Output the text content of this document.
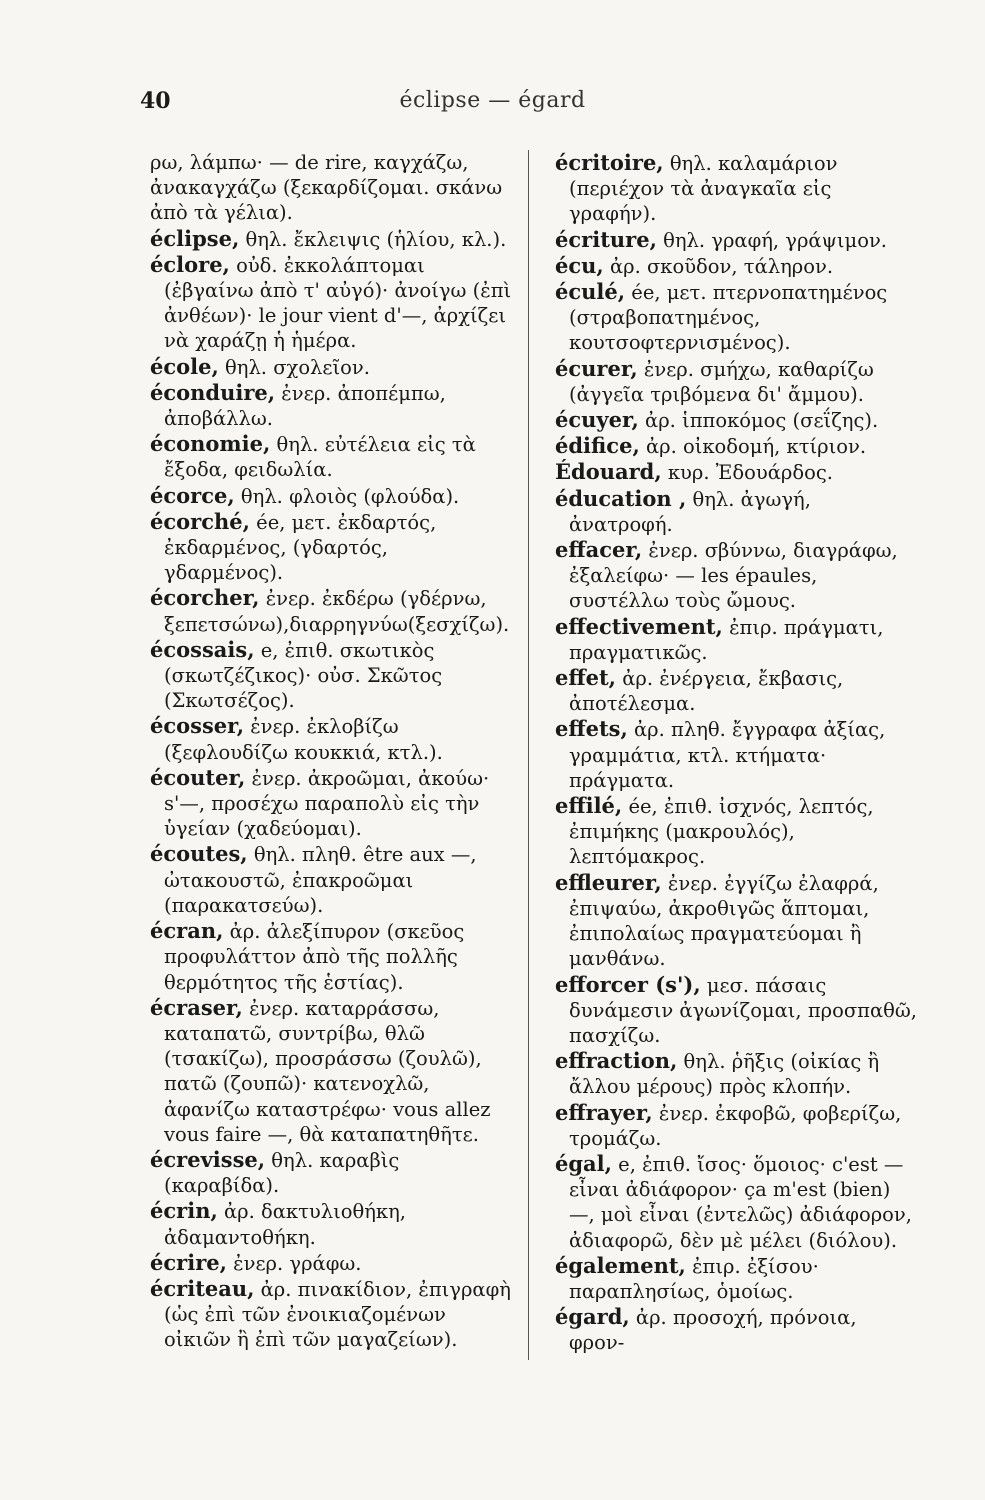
40	éclipse — égard

ρω, λάμπω· — de rire, καγχάζω, ἀνακαγχάζω (ξεκαρδίζομαι. σκάνω ἀπὸ τὰ γέλια).

éclipse, θηλ. ἔκλειψις (ἡλίου, κλ.).

éclore, οὐδ. ἐκκολάπτομαι (ἐβγαίνω ἀπὸ τ' αὐγό)· ἀνοίγω (ἐπὶ ἀνθέων)· le jour vient d'—, ἀρχίζει νὰ χαράζῃ ἡ ἡμέρα.

école, θηλ. σχολεῖον.

éconduire, ἐνερ. ἀποπέμπω, ἀποβάλλω.

économie, θηλ. εὐτέλεια εἰς τὰ ἔξοδα, φειδωλία.

écorce, θηλ. φλοιὸς (φλούδα).

écorché, ée, μετ. ἐκδαρτός, ἐκδαρμένος, (γδαρτός, γδαρμένος).

écorcher, ἐνερ. ἐκδέρω (γδέρνω, ξεπετσώνω),διαρρηγνύω(ξεσχίζω).

écossais, e, ἐπιθ. σκωτικὸς (σκωτζέζικος)· οὐσ. Σκῶτος (Σκωτσέζος).

écosser, ἐνερ. ἐκλοβίζω (ξεφλουδίζω κουκκιά, κτλ.).

écouter, ἐνερ. ἀκροῶμαι, ἀκούω· s'—, προσέχω παραπολὺ εἰς τὴν ὑγείαν (χαδεύομαι).

écoutes, θηλ. πληθ. être aux —, ὠτακουστῶ, ἐπακροῶμαι (παρακατσεύω).

écran, ἀρ. ἀλεξίπυρον (σκεῦος προφυλάττον ἀπὸ τῆς πολλῆς θερμότητος τῆς ἑστίας).

écraser, ἐνερ. καταρράσσω, καταπατῶ, συντρίβω, θλῶ (τσακίζω), προσράσσω (ζουλῶ), πατῶ (ζουπῶ)· κατενοχλῶ, ἀφανίζω καταστρέφω· vous allez vous faire —, θὰ καταπατηθῆτε.

écrevisse, θηλ. καραβὶς (καραβίδα).

écrin, ἀρ. δακτυλιοθήκη, ἀδαμαντοθήκη.

écrire, ἐνερ. γράφω.

écriteau, ἀρ. πινακίδιον, ἐπιγραφὴ (ὡς ἐπὶ τῶν ἐνοικιαζομένων οἰκιῶν ἢ ἐπὶ τῶν μαγαζείων).

écritoire, θηλ. καλαμάριον (περιέχον τὰ ἀναγκαῖα εἰς γραφήν).

écriture, θηλ. γραφή, γράψιμον.

écu, ἀρ. σκοῦδον, τάληρον.

éculé, ée, μετ. πτερνοπατημένος (στραβοπατημένος, κουτσοφτερνισμένος).

écurer, ἐνερ. σμήχω, καθαρίζω (ἀγγεῖα τριβόμενα δι' ἄμμου).

écuyer, ἀρ. ἱπποκόμος (σεΐζης).

édifice, ἀρ. οἰκοδομή, κτίριον.

Édouard, κυρ. Ἐδουάρδος.

éducation , θηλ. ἀγωγή, ἀνατροφή.

effacer, ἐνερ. σβύννω, διαγράφω, ἐξαλείφω· — les épaules, συστέλλω τοὺς ὤμους.

effectivement, ἐπιρ. πράγματι, πραγματικῶς.

effet, ἀρ. ἐνέργεια, ἔκβασις, ἀποτέλεσμα.

effets, ἀρ. πληθ. ἔγγραφα ἀξίας, γραμμάτια, κτλ. κτήματα· πράγματα.

effilé, ée, ἐπιθ. ἰσχνός, λεπτός, ἐπιμήκης (μακρουλός), λεπτόμακρος.

effleurer, ἐνερ. ἐγγίζω ἐλαφρά, ἐπιψαύω, ἀκροθιγῶς ἅπτομαι, ἐπιπολαίως πραγματεύομαι ἢ μανθάνω.

efforcer (s'), μεσ. πάσαις δυνάμεσιν ἀγωνίζομαι, προσπαθῶ, πασχίζω.

effraction, θηλ. ῥῆξις (οἰκίας ἢ ἄλλου μέρους) πρὸς κλοπήν.

effrayer, ἐνερ. ἐκφοβῶ, φοβερίζω, τρομάζω.

égal, e, ἐπιθ. ἴσος· ὅμοιος· c'est — εἶναι ἀδιάφορον· ça m'est (bien) —, μοὶ εἶναι (ἐντελῶς) ἀδιάφορον, ἀδιαφορῶ, δὲν μὲ μέλει (διόλου).

également, ἐπιρ. ἐξίσου· παραπλησίως, ὁμοίως.

égard, ἀρ. προσοχή, πρόνοια, φρον-
